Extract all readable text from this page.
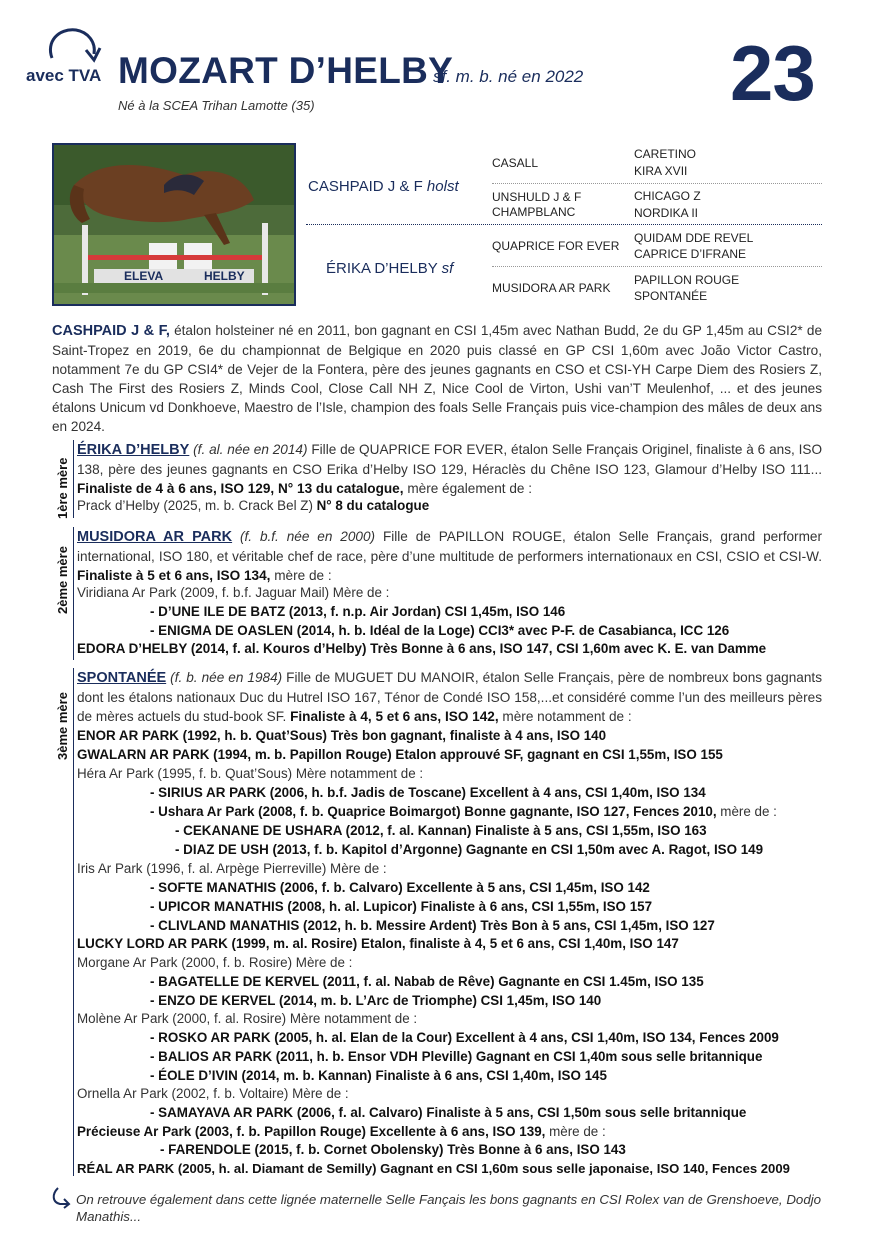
avec TVA MOZART D’HELBY
sf. m. b. né en 2022
Né à la SCEA Trihan Lamotte (35)	23
ELEVA	HELBY
CASHPAID J & F holst
ÉRIKA D’HELBY sf
CASALL
UNSHULD J & F CHAMPBLANC
QUAPRICE FOR EVER
MUSIDORA AR PARK
CARETINO
KIRA XVII
CHICAGO Z
NORDIKA II
QUIDAM DDE REVEL
CAPRICE D’IFRANE
PAPILLON ROUGE
SPONTANÉE
CASHPAID J & F, étalon holsteiner né en 2011, bon gagnant en CSI 1,45m avec Nathan Budd, 2e du GP 1,45m au CSI2* de Saint-Tropez en 2019, 6e du championnat de Belgique en 2020 puis classé en GP CSI 1,60m avec João Victor Castro, notamment 7e du GP CSI4* de Vejer de la Fontera, père des jeunes gagnants en CSO et CSI-YH Carpe Diem des Rosiers Z, Cash The First des Rosiers Z, Minds Cool, Close Call NH Z, Nice Cool de Virton, Ushi van’T Meulenhof, ... et des jeunes étalons Unicum vd Donkhoeve, Maestro de l’Isle, champion des foals Selle Français puis vice-champion des mâles de deux ans en 2024.
1ère mère
ÉRIKA D’HELBY (f. al. née en 2014) Fille de QUAPRICE FOR EVER, étalon Selle Français Originel, finaliste à 6 ans, ISO 138, père des jeunes gagnants en CSO Erika d’Helby ISO 129, Héraclès du Chêne ISO 123, Glamour d’Helby ISO 111... Finaliste de 4 à 6 ans, ISO 129, N° 13 du catalogue, mère également de :
Prack d’Helby (2025, m. b. Crack Bel Z) N° 8 du catalogue
2ème mère
MUSIDORA AR PARK (f. b.f. née en 2000) Fille de PAPILLON ROUGE, étalon Selle Français, grand performer international, ISO 180, et véritable chef de race, père d’une multitude de performers internationaux en CSI, CSIO et CSI-W. Finaliste à 5 et 6 ans, ISO 134, mère de :
Viridiana Ar Park (2009, f. b.f. Jaguar Mail) Mère de :
- D’UNE ILE DE BATZ (2013, f. n.p. Air Jordan) CSI 1,45m, ISO 146
- ENIGMA DE OASLEN (2014, h. b. Idéal de la Loge) CCI3* avec P-F. de Casabianca, ICC 126
EDORA D’HELBY (2014, f. al. Kouros d’Helby) Très Bonne à 6 ans, ISO 147, CSI 1,60m avec K. E. van Damme
3ème mère
SPONTANÉE (f. b. née en 1984) Fille de MUGUET DU MANOIR, étalon Selle Français, père de nombreux bons gagnants dont les étalons nationaux Duc du Hutrel ISO 167, Ténor de Condé ISO 158,...et considéré comme l’un des meilleurs pères de mères actuels du stud-book SF. Finaliste à 4, 5 et 6 ans, ISO 142, mère notamment de :
ENOR AR PARK (1992, h. b. Quat’Sous) Très bon gagnant, finaliste à 4 ans, ISO 140
GWALARN AR PARK (1994, m. b. Papillon Rouge) Etalon approuvé SF, gagnant en CSI 1,55m, ISO 155
Héra Ar Park (1995, f. b. Quat’Sous) Mère notamment de :
- SIRIUS AR PARK (2006, h. b.f. Jadis de Toscane) Excellent à 4 ans, CSI 1,40m, ISO 134
- Ushara Ar Park (2008, f. b. Quaprice Boimargot) Bonne gagnante, ISO 127, Fences 2010, mère de :
- CEKANANE DE USHARA (2012, f. al. Kannan) Finaliste à 5 ans, CSI 1,55m, ISO 163
- DIAZ DE USH (2013, f. b. Kapitol d’Argonne) Gagnante en CSI 1,50m avec A. Ragot, ISO 149
Iris Ar Park (1996, f. al. Arpège Pierreville) Mère de :
- SOFTE MANATHIS (2006, f. b. Calvaro) Excellente à 5 ans, CSI 1,45m, ISO 142
- UPICOR MANATHIS (2008, h. al. Lupicor) Finaliste à 6 ans, CSI 1,55m, ISO 157
- CLIVLAND MANATHIS (2012, h. b. Messire Ardent) Très Bon à 5 ans, CSI 1,45m, ISO 127
LUCKY LORD AR PARK (1999, m. al. Rosire) Etalon, finaliste à 4, 5 et 6 ans, CSI 1,40m, ISO 147
Morgane Ar Park (2000, f. b. Rosire) Mère de :
- BAGATELLE DE KERVEL (2011, f. al. Nabab de Rêve) Gagnante en CSI 1.45m, ISO 135
- ENZO DE KERVEL (2014, m. b. L’Arc de Triomphe) CSI 1,45m, ISO 140
Molène Ar Park (2000, f. al. Rosire) Mère notamment de :
- ROSKO AR PARK (2005, h. al. Elan de la Cour) Excellent à 4 ans, CSI 1,40m, ISO 134, Fences 2009
- BALIOS AR PARK (2011, h. b. Ensor VDH Pleville) Gagnant en CSI 1,40m sous selle britannique
- ÉOLE D’IVIN (2014, m. b. Kannan) Finaliste à 6 ans, CSI 1,40m, ISO 145
Ornella Ar Park (2002, f. b. Voltaire) Mère de :
- SAMAYAVA AR PARK (2006, f. al. Calvaro) Finaliste à 5 ans, CSI 1,50m sous selle britannique
Précieuse Ar Park (2003, f. b. Papillon Rouge) Excellente à 6 ans, ISO 139, mère de :
- FARENDOLE (2015, f. b. Cornet Obolensky) Très Bonne à 6 ans, ISO 143
RÉAL AR PARK (2005, h. al. Diamant de Semilly) Gagnant en CSI 1,60m sous selle japonaise, ISO 140, Fences 2009
On retrouve également dans cette lignée maternelle Selle Fançais les bons gagnants en CSI Rolex van de Grenshoeve, Dodjo Manathis...
